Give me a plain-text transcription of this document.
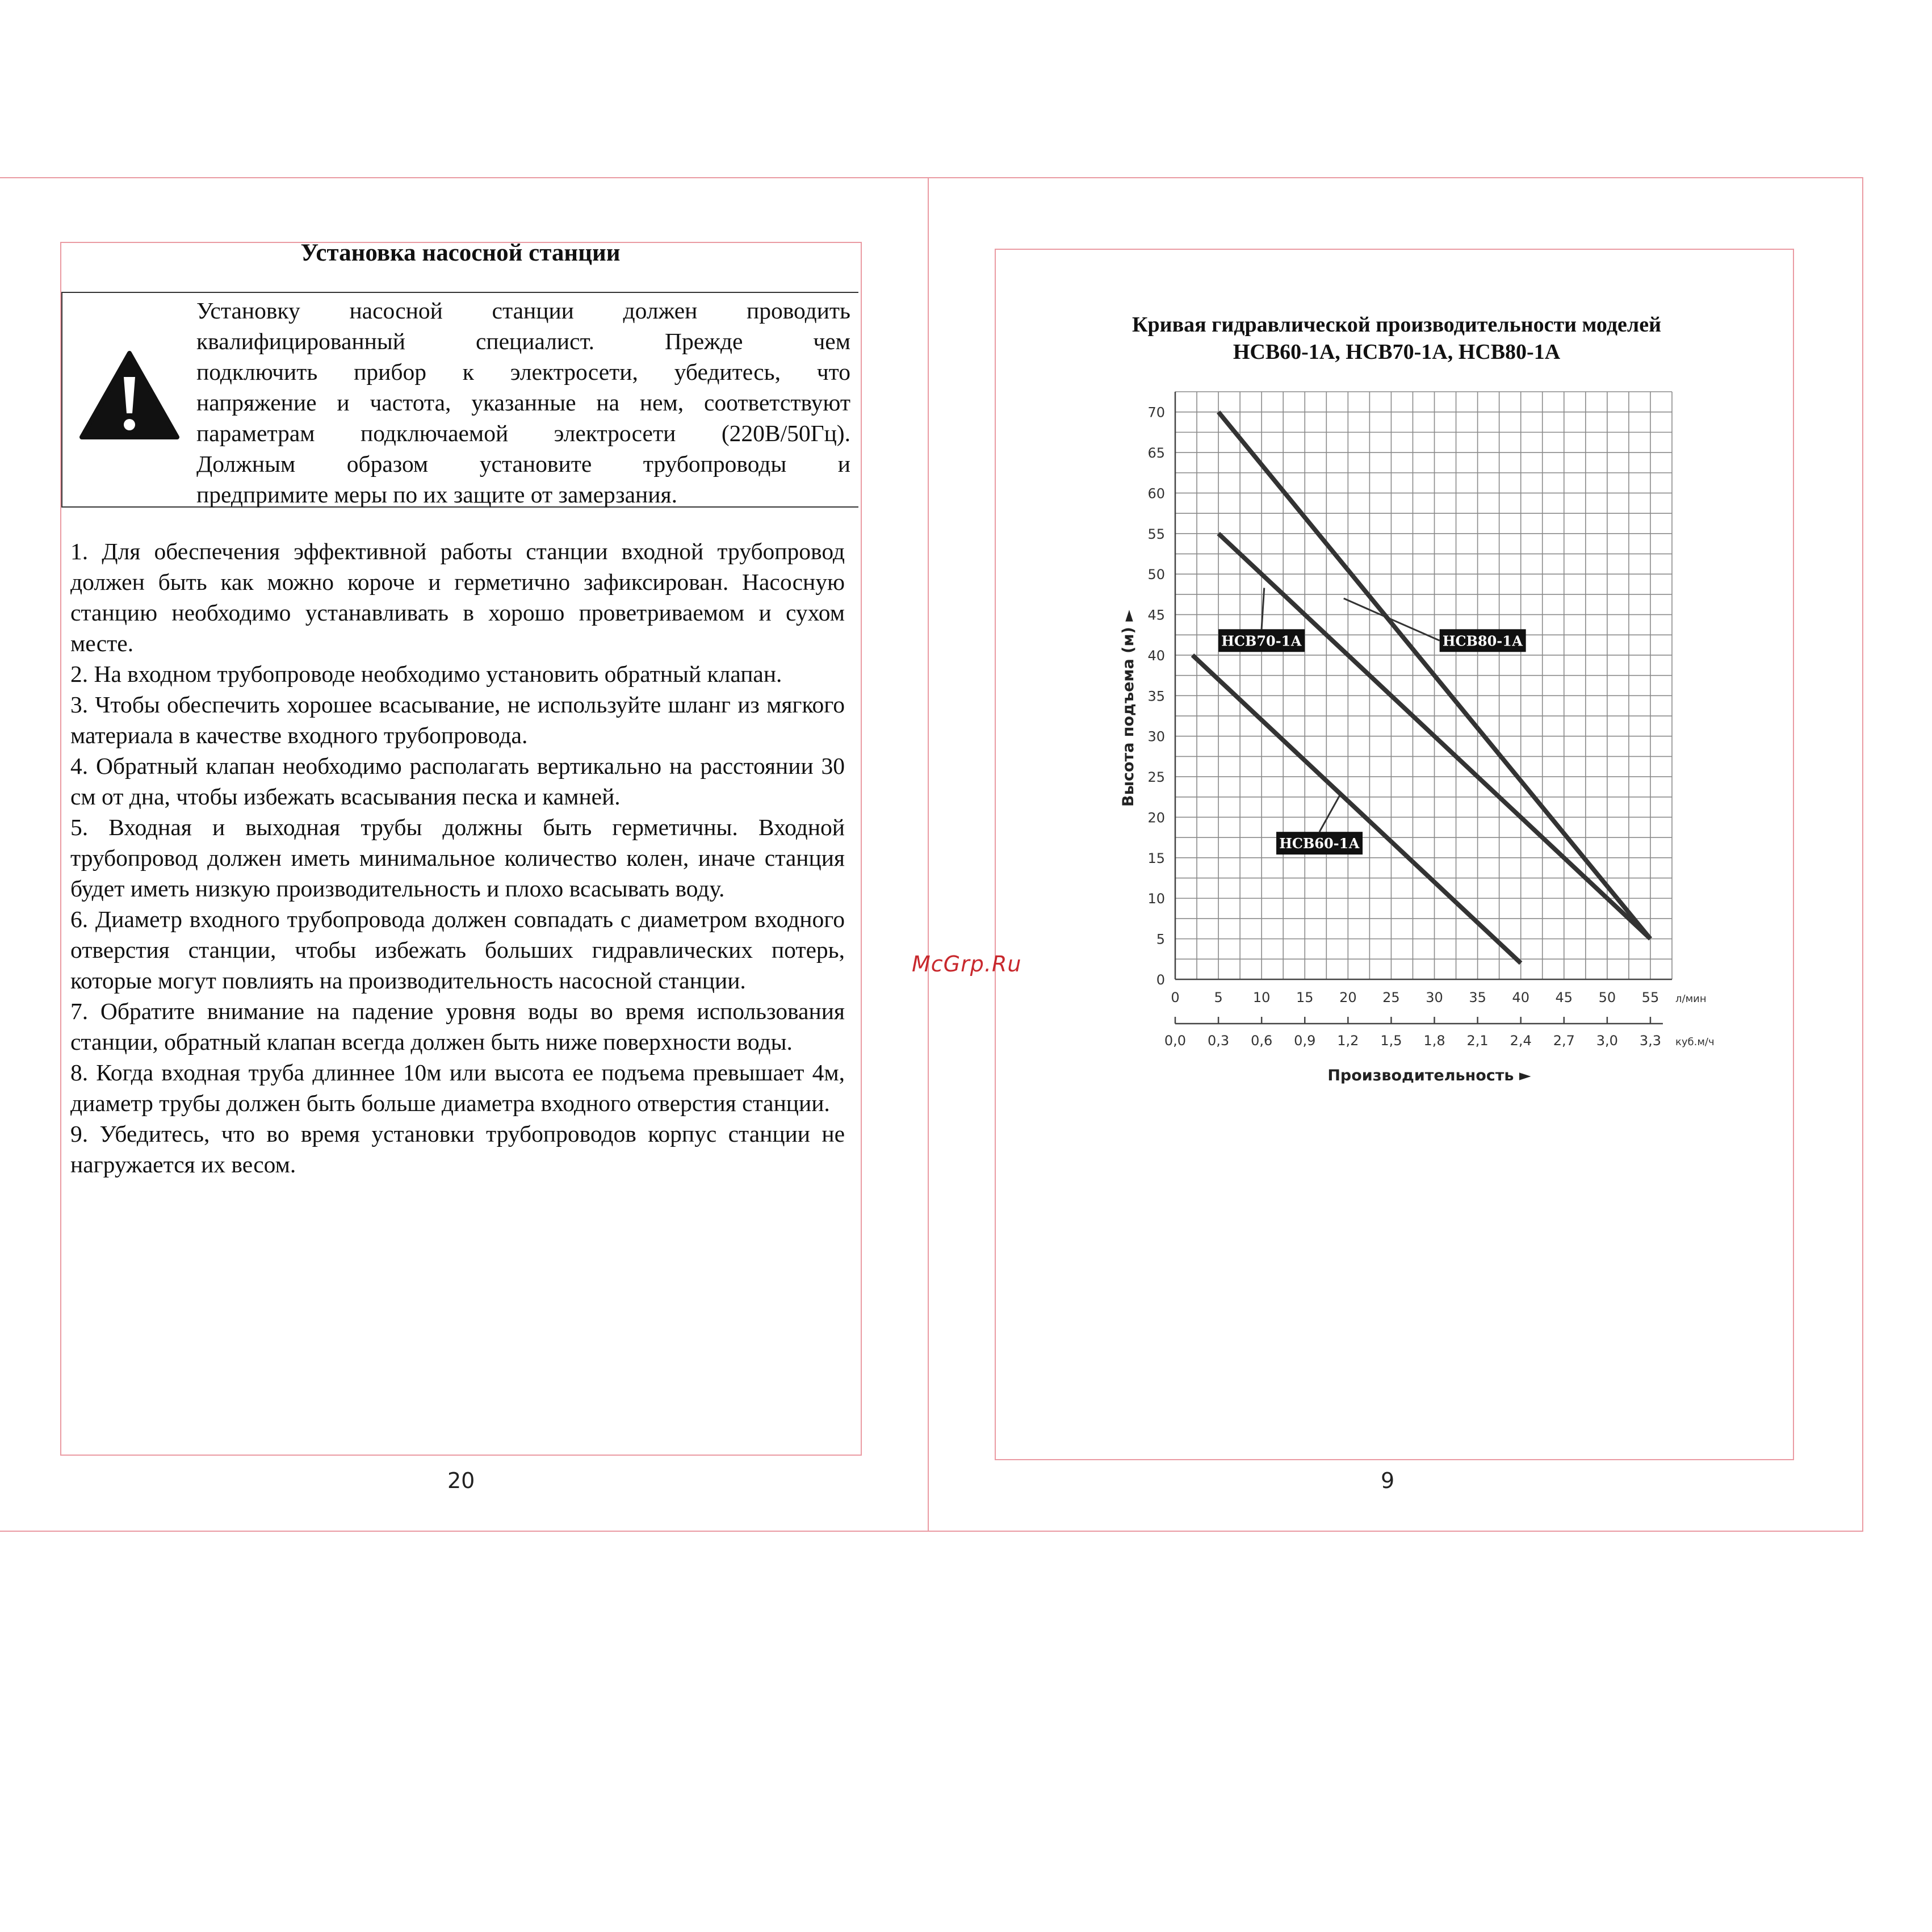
Установка насосной станции
Установку насосной станции должен проводить
квалифицированный специалист. Прежде чем
подключить прибор к электросети, убедитесь, что
напряжение и частота, указанные на нем, соответствуют
параметрам подключаемой электросети (220В/50Гц).
Должным образом установите трубопроводы и
предпримите меры по их защите от замерзания.
1. Для обеспечения эффективной работы станции входной трубопровод должен быть как можно короче и герметично зафиксирован. Насосную станцию необходимо устанавливать в хорошо проветриваемом и сухом месте.
2. На входном трубопроводе необходимо установить обратный клапан.
3. Чтобы обеспечить хорошее всасывание, не используйте шланг из мягкого материала в качестве входного трубопровода.
4. Обратный клапан необходимо располагать вертикально на расстоянии 30 см от дна, чтобы избежать всасывания песка и камней.
5. Входная и выходная трубы должны быть герметичны. Входной трубопровод должен иметь минимальное количество колен, иначе станция будет иметь низкую производительность и плохо всасывать воду.
6. Диаметр входного трубопровода должен совпадать с диаметром входного отверстия станции, чтобы избежать больших гидравлических потерь, которые могут повлиять на производительность насосной станции.
7. Обратите внимание на падение уровня воды во время использования станции, обратный клапан всегда должен быть ниже поверхности воды.
8. Когда входная труба длиннее 10м или высота ее подъема превышает 4м, диаметр трубы должен быть больше диаметра входного отверстия станции.
9. Убедитесь, что во время установки трубопроводов корпус станции не нагружается их весом.
20	9
McGrp.Ru
Кривая гидравлической производительности моделей
НСВ60-1А, НСВ70-1А, НСВ80-1А
0
5
10
15
20
25
30
35
40
45
50
55
60
65
70
0	5 10 15 20 25 30 35 40 45 50 55 л/мин
0,0 0,3 0,6 0,9 1,2 1,5 1,8 2,1 2,4 2,7 3,0 3,3 куб.м/ч
Производительность ►
Высота подъема (м) ►	НСВ80-1А
НСВ70-1А
НСВ60-1А
